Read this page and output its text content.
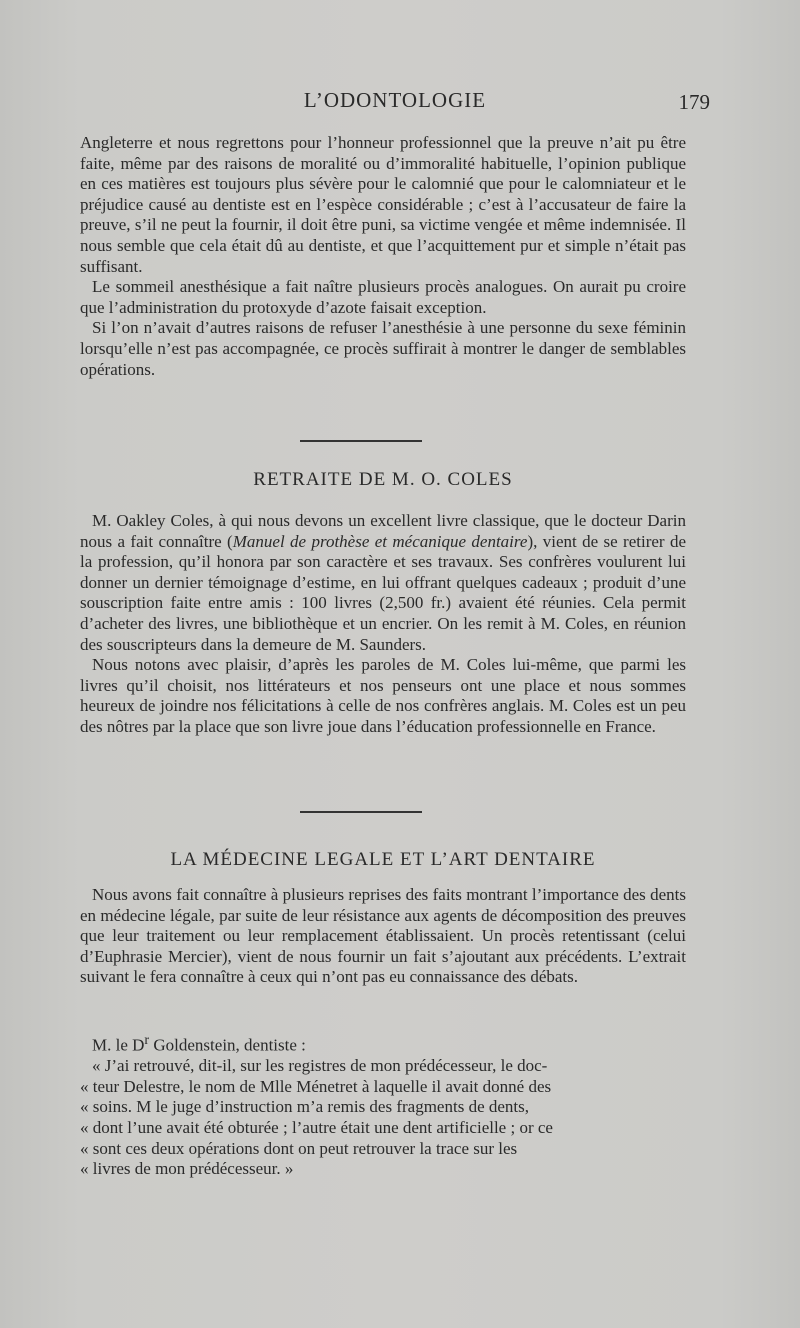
L’ODONTOLOGIE	179

Angleterre et nous regrettons pour l’honneur professionnel que la preuve n’ait pu être faite, même par des raisons de moralité ou d’immoralité habituelle, l’opinion publique en ces matières est toujours plus sévère pour le calomnié que pour le calomniateur et le préjudice causé au dentiste est en l’espèce considérable ; c’est à l’accusateur de faire la preuve, s’il ne peut la fournir, il doit être puni, sa victime vengée et même indemnisée. Il nous semble que cela était dû au dentiste, et que l’acquittement pur et simple n’était pas suffisant.

Le sommeil anesthésique a fait naître plusieurs procès analogues. On aurait pu croire que l’administration du protoxyde d’azote faisait exception.

Si l’on n’avait d’autres raisons de refuser l’anesthésie à une personne du sexe féminin lorsqu’elle n’est pas accompagnée, ce procès suffirait à montrer le danger de semblables opérations.

RETRAITE DE M. O. COLES

M. Oakley Coles, à qui nous devons un excellent livre classique, que le docteur Darin nous a fait connaître (Manuel de prothèse et mécanique dentaire), vient de se retirer de la profession, qu’il honora par son caractère et ses travaux. Ses confrères voulurent lui donner un dernier témoignage d’estime, en lui offrant quelques cadeaux ; produit d’une souscription faite entre amis : 100 livres (2,500 fr.) avaient été réunies. Cela permit d’acheter des livres, une bibliothèque et un encrier. On les remit à M. Coles, en réunion des souscripteurs dans la demeure de M. Saunders.

Nous notons avec plaisir, d’après les paroles de M. Coles lui-même, que parmi les livres qu’il choisit, nos littérateurs et nos penseurs ont une place et nous sommes heureux de joindre nos félicitations à celle de nos confrères anglais. M. Coles est un peu des nôtres par la place que son livre joue dans l’éducation professionnelle en France.

LA MÉDECINE LEGALE ET L’ART DENTAIRE

Nous avons fait connaître à plusieurs reprises des faits montrant l’importance des dents en médecine légale, par suite de leur résistance aux agents de décomposition des preuves que leur traitement ou leur remplacement établissaient. Un procès retentissant (celui d’Euphrasie Mercier), vient de nous fournir un fait s’ajoutant aux précédents. L’extrait suivant le fera connaître à ceux qui n’ont pas eu connaissance des débats.

M. le $D^r$ Goldenstein, dentiste :

« J’ai retrouvé, dit-il, sur les registres de mon prédécesseur, le doc-

« teur Delestre, le nom de Mlle Ménetret à laquelle il avait donné des

« soins. M le juge d’instruction m’a remis des fragments de dents,

« dont l’une avait été obturée ; l’autre était une dent artificielle ; or ce

« sont ces deux opérations dont on peut retrouver la trace sur les

« livres de mon prédécesseur. »
